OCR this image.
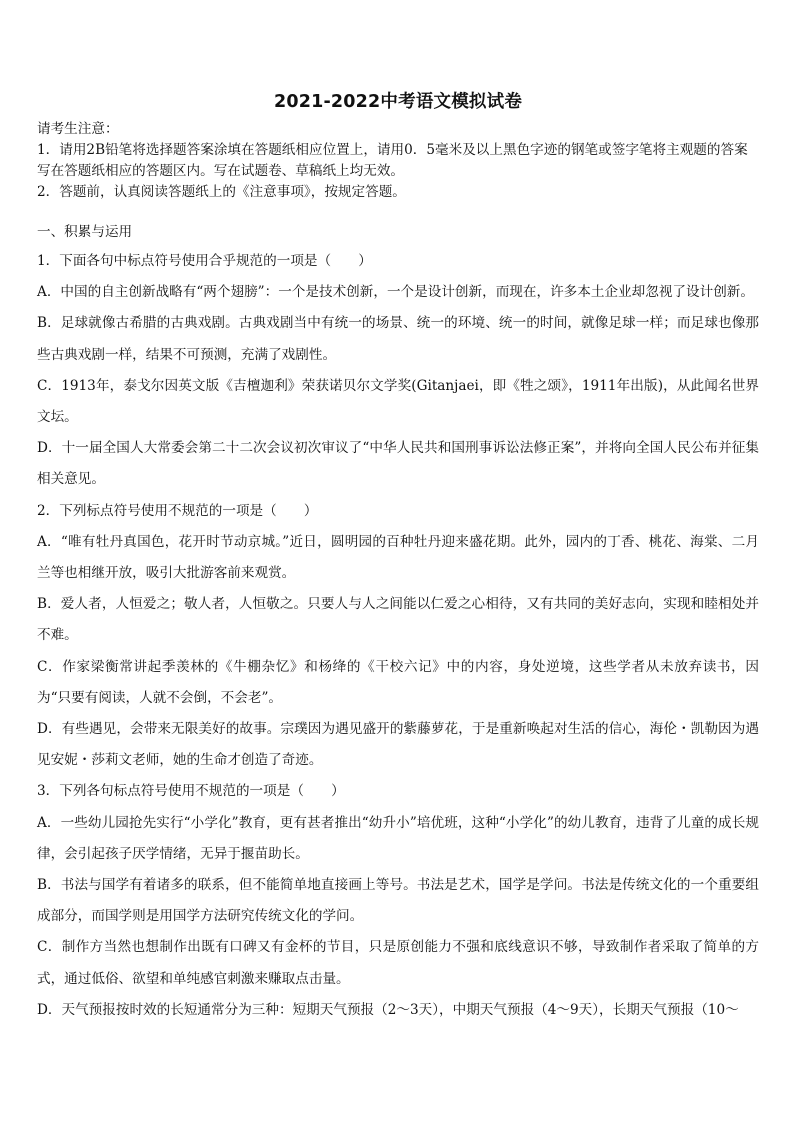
2021-2022中考语文模拟试卷

请考生注意：

1．请用2B铅笔将选择题答案涂填在答题纸相应位置上，请用0．5毫米及以上黑色字迹的钢笔或签字笔将主观题的答案写在答题纸相应的答题区内。写在试题卷、草稿纸上均无效。

2．答题前，认真阅读答题纸上的《注意事项》，按规定答题。

一、积累与运用

1．下面各句中标点符号使用合乎规范的一项是（　　）

A．中国的自主创新战略有“两个翅膀”：一个是技术创新，一个是设计创新，而现在，许多本土企业却忽视了设计创新。

B．足球就像古希腊的古典戏剧。古典戏剧当中有统一的场景、统一的环境、统一的时间，就像足球一样；而足球也像那些古典戏剧一样，结果不可预测，充满了戏剧性。

C．1913年，泰戈尔因英文版《吉檀迦利》荣获诺贝尔文学奖(Gitanjaei，即《牲之颂》，1911年出版)，从此闻名世界文坛。

D．十一届全国人大常委会第二十二次会议初次审议了“中华人民共和国刑事诉讼法修正案”，并将向全国人民公布并征集相关意见。

2．下列标点符号使用不规范的一项是（　　）

A．“唯有牡丹真国色，花开时节动京城。”近日，圆明园的百种牡丹迎来盛花期。此外，园内的丁香、桃花、海棠、二月兰等也相继开放，吸引大批游客前来观赏。

B．爱人者，人恒爱之；敬人者，人恒敬之。只要人与人之间能以仁爱之心相待，又有共同的美好志向，实现和睦相处并不难。

C．作家梁衡常讲起季羡林的《牛棚杂忆》和杨绛的《干校六记》中的内容，身处逆境，这些学者从未放弃读书，因为“只要有阅读，人就不会倒，不会老”。

D．有些遇见，会带来无限美好的故事。宗璞因为遇见盛开的紫藤萝花，于是重新唤起对生活的信心，海伦・凯勒因为遇见安妮・莎莉文老师，她的生命才创造了奇迹。

3．下列各句标点符号使用不规范的一项是（　　）

A．一些幼儿园抢先实行“小学化”教育，更有甚者推出“幼升小”培优班，这种“小学化”的幼儿教育，违背了儿童的成长规律，会引起孩子厌学情绪，无异于揠苗助长。

B．书法与国学有着诸多的联系，但不能简单地直接画上等号。书法是艺术，国学是学问。书法是传统文化的一个重要组成部分，而国学则是用国学方法研究传统文化的学问。

C．制作方当然也想制作出既有口碑又有金杯的节目，只是原创能力不强和底线意识不够，导致制作者采取了简单的方式，通过低俗、欲望和单纯感官刺激来赚取点击量。

D．天气预报按时效的长短通常分为三种：短期天气预报（2～3天），中期天气预报（4～9天），长期天气预报（10～
